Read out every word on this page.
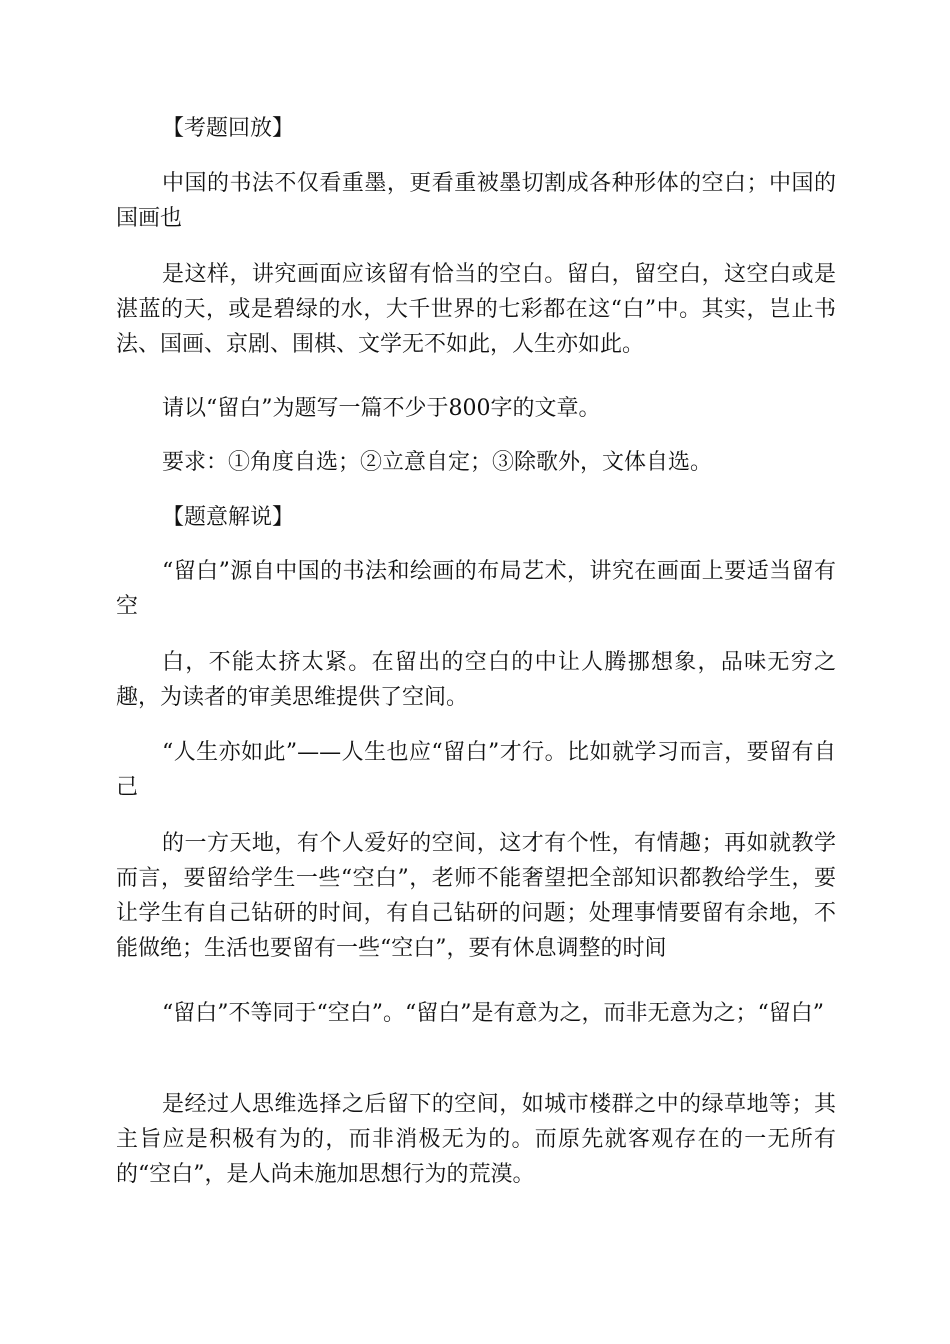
【考题回放】

中国的书法不仅看重墨，更看重被墨切割成各种形体的空白；中国的国画也

是这样，讲究画面应该留有恰当的空白。留白，留空白，这空白或是湛蓝的天，或是碧绿的水，大千世界的七彩都在这“白”中。其实，岂止书法、国画、京剧、围棋、文学无不如此，人生亦如此。

请以“留白”为题写一篇不少于800字的文章。

要求：①角度自选；②立意自定；③除歌外，文体自选。

【题意解说】

“留白”源自中国的书法和绘画的布局艺术，讲究在画面上要适当留有空

白，不能太挤太紧。在留出的空白的中让人腾挪想象，品味无穷之趣，为读者的审美思维提供了空间。

“人生亦如此”——人生也应“留白”才行。比如就学习而言，要留有自己

的一方天地，有个人爱好的空间，这才有个性，有情趣；再如就教学而言，要留给学生一些“空白”，老师不能奢望把全部知识都教给学生，要让学生有自己钻研的时间，有自己钻研的问题；处理事情要留有余地，不能做绝；生活也要留有一些“空白”，要有休息调整的时间

“留白”不等同于“空白”。“留白”是有意为之，而非无意为之；“留白”

是经过人思维选择之后留下的空间，如城市楼群之中的绿草地等；其主旨应是积极有为的，而非消极无为的。而原先就客观存在的一无所有的“空白”，是人尚未施加思想行为的荒漠。
